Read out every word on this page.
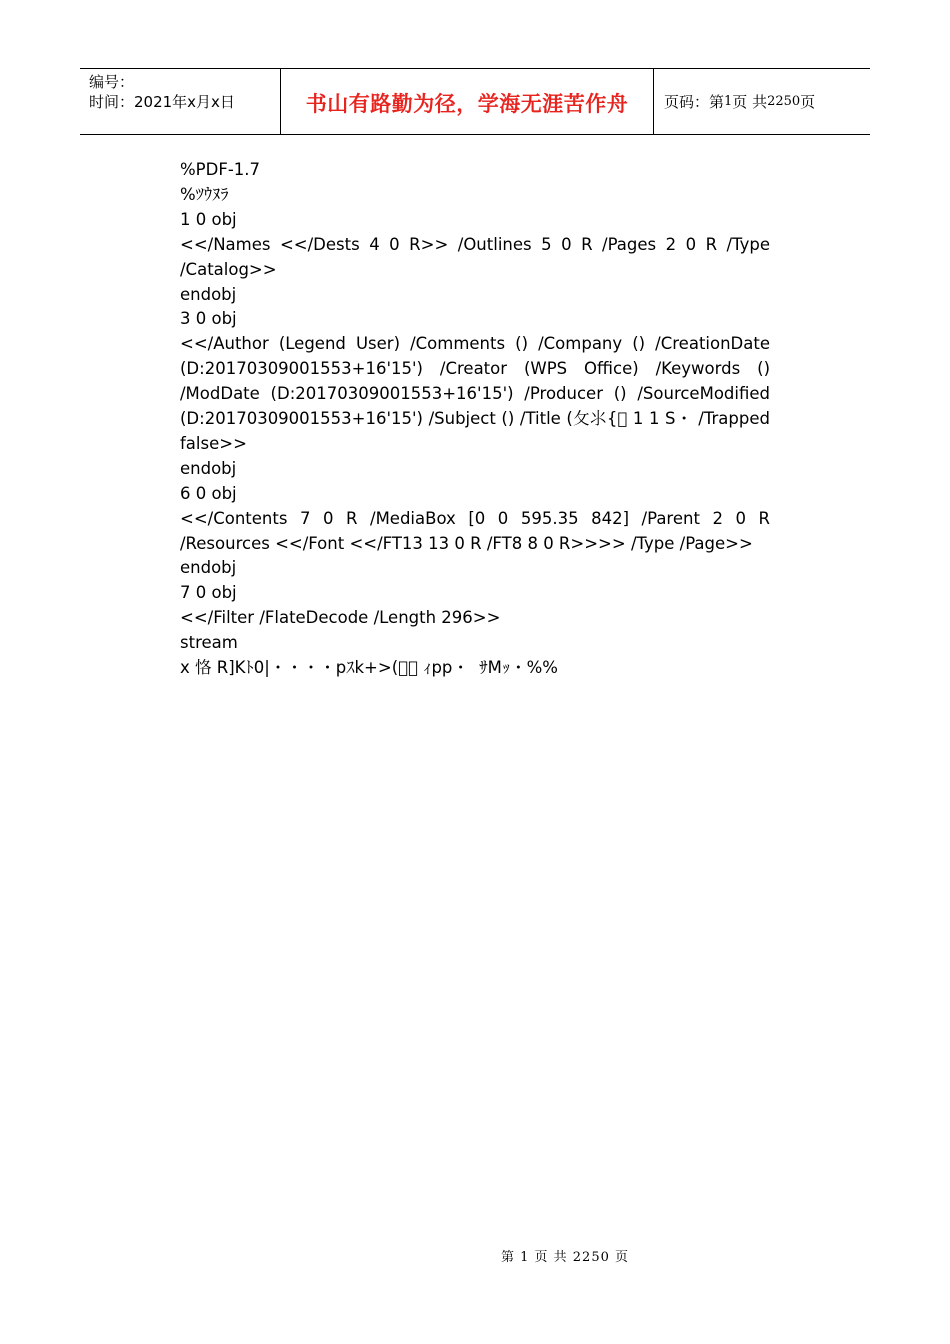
编号：
时间：2021年x月x日	书山有路勤为径，学海无涯苦作舟 页码：第 1 页 共 2250 页
%PDF-1.7
%ﾂｳﾇﾗ
1 0 obj
<</Names <</Dests 4 0 R>> /Outlines 5 0 R /Pages 2 0 R /Type
/Catalog>>
endobj
3 0 obj
<</Author (Legend User) /Comments () /Company () /CreationDate
(D:20170309001553+16'15') /Creator (WPS Office) /Keywords ()
/ModDate (D:20170309001553+16'15') /Producer () /SourceModified
(D:20170309001553+16'15') /Subject () /Title (⺙⺢{  1 1 S・ /Trapped
false>>
endobj
6 0 obj
<</Contents 7 0 R /MediaBox [0 0 595.35 842] /Parent 2 0 R
/Resources <</Font <</FT13 13 0 R /FT8 8 0 R>>>> /Type /Page>>
endobj
7 0 obj
<</Filter /FlateDecode /Length 296>>
stream
x 恪 R]Kﾄ0|・・・・pｽk+>(   ｨpp・  ｻMｯ・%%
第 1 页 共 2250 页
